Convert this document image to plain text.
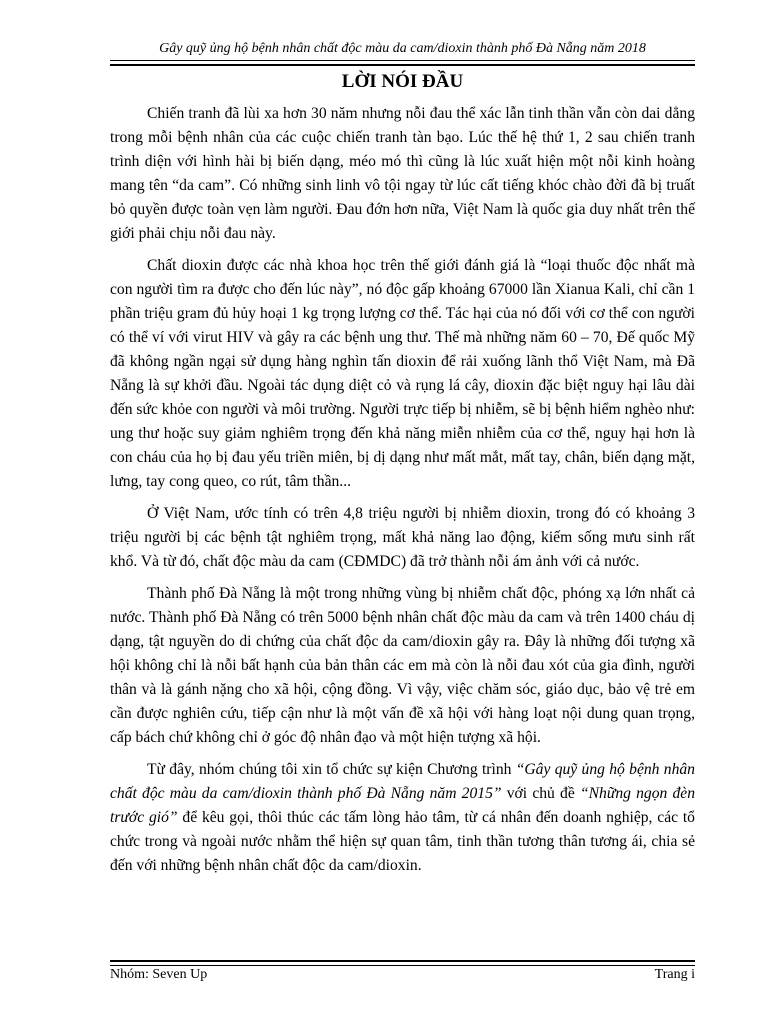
Gây quỹ ủng hộ bệnh nhân chất độc màu da cam/dioxin thành phố Đà Nẵng năm 2018
LỜI NÓI ĐẦU

Chiến tranh đã lùi xa hơn 30 năm nhưng nỗi đau thể xác lẫn tinh thần vẫn còn dai dẳng trong mỗi bệnh nhân của các cuộc chiến tranh tàn bạo. Lúc thế hệ thứ 1, 2 sau chiến tranh trình diện với hình hài bị biến dạng, méo mó thì cũng là lúc xuất hiện một nỗi kinh hoàng mang tên “da cam”. Có những sinh linh vô tội ngay từ lúc cất tiếng khóc chào đời đã bị truất bỏ quyền được toàn vẹn làm người. Đau đớn hơn nữa, Việt Nam là quốc gia duy nhất trên thế giới phải chịu nỗi đau này.

Chất dioxin được các nhà khoa học trên thế giới đánh giá là “loại thuốc độc nhất mà con người tìm ra được cho đến lúc này”, nó độc gấp khoảng 67000 lần Xianua Kali, chỉ cần 1 phần triệu gram đủ hủy hoại 1 kg trọng lượng cơ thể. Tác hại của nó đối với cơ thể con người có thể ví với virut HIV và gây ra các bệnh ung thư. Thế mà những năm 60 – 70, Đế quốc Mỹ đã không ngần ngại sử dụng hàng nghìn tấn dioxin để rải xuống lãnh thổ Việt Nam, mà Đã Nẵng là sự khởi đầu. Ngoài tác dụng diệt cỏ và rụng lá cây, dioxin đặc biệt nguy hại lâu dài đến sức khỏe con người và môi trường. Người trực tiếp bị nhiễm, sẽ bị bệnh hiểm nghèo như: ung thư hoặc suy giảm nghiêm trọng đến khả năng miễn nhiễm của cơ thể, nguy hại hơn là con cháu của họ bị đau yếu triền miên, bị dị dạng như mất mắt, mất tay, chân, biến dạng mặt, lưng, tay cong queo, co rút, tâm thần...

Ở Việt Nam, ước tính có trên 4,8 triệu người bị nhiễm dioxin, trong đó có khoảng 3 triệu người bị các bệnh tật nghiêm trọng, mất khả năng lao động, kiếm sống mưu sinh rất khổ. Và từ đó, chất độc màu da cam (CĐMDC) đã trở thành nỗi ám ảnh với cả nước.

Thành phố Đà Nẵng là một trong những vùng bị nhiễm chất độc, phóng xạ lớn nhất cả nước. Thành phố Đà Nẵng có trên 5000 bệnh nhân chất độc màu da cam và trên 1400 cháu dị dạng, tật nguyền do di chứng của chất độc da cam/dioxin gây ra. Đây là những đối tượng xã hội không chỉ là nỗi bất hạnh của bản thân các em mà còn là nỗi đau xót của gia đình, người thân và là gánh nặng cho xã hội, cộng đồng. Vì vậy, việc chăm sóc, giáo dục, bảo vệ trẻ em cần được nghiên cứu, tiếp cận như là một vấn đề xã hội với hàng loạt nội dung quan trọng, cấp bách chứ không chỉ ở góc độ nhân đạo và một hiện tượng xã hội.

Từ đây, nhóm chúng tôi xin tổ chức sự kiện Chương trình “Gây quỹ ủng hộ bệnh nhân chất độc màu da cam/dioxin thành phố Đà Nẵng năm 2015” với chủ đề “Những ngọn đèn trước gió” để kêu gọi, thôi thúc các tấm lòng hảo tâm, từ cá nhân đến doanh nghiệp, các tổ chức trong và ngoài nước nhằm thể hiện sự quan tâm, tinh thần tương thân tương ái, chia sẻ đến với những bệnh nhân chất độc da cam/dioxin.

Nhóm: Seven Up	Trang i
